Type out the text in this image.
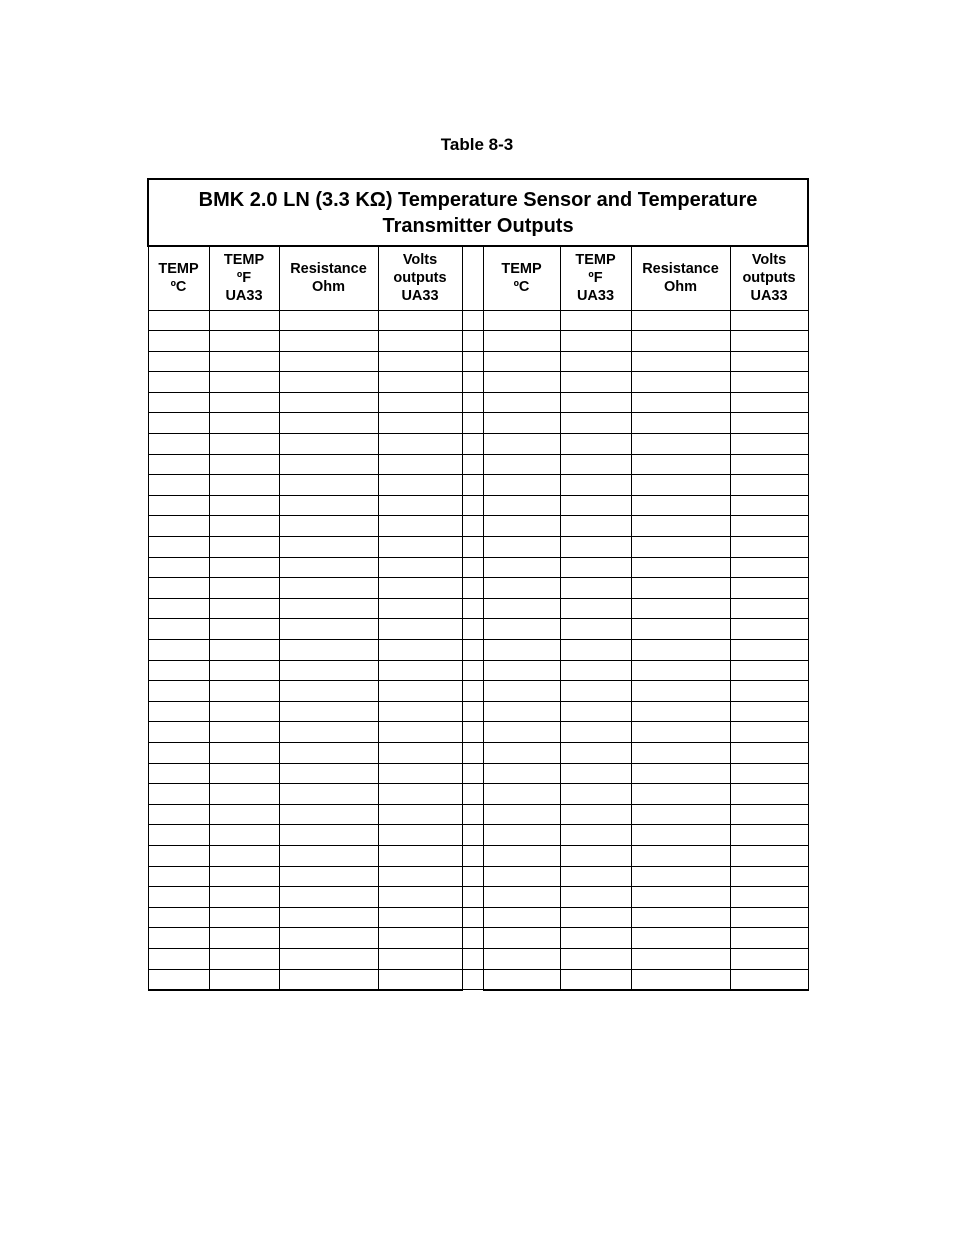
Table 8-3
BMK 2.0 LN (3.3 KΩ) Temperature Sensor and Temperature Transmitter Outputs								

TEMP
ºC	TEMP
ºF
UA33	Resistance
Ohm	Volts
outputs
UA33		TEMP
ºC	TEMP
ºF
UA33	Resistance
Ohm	Volts
outputs
UA33
